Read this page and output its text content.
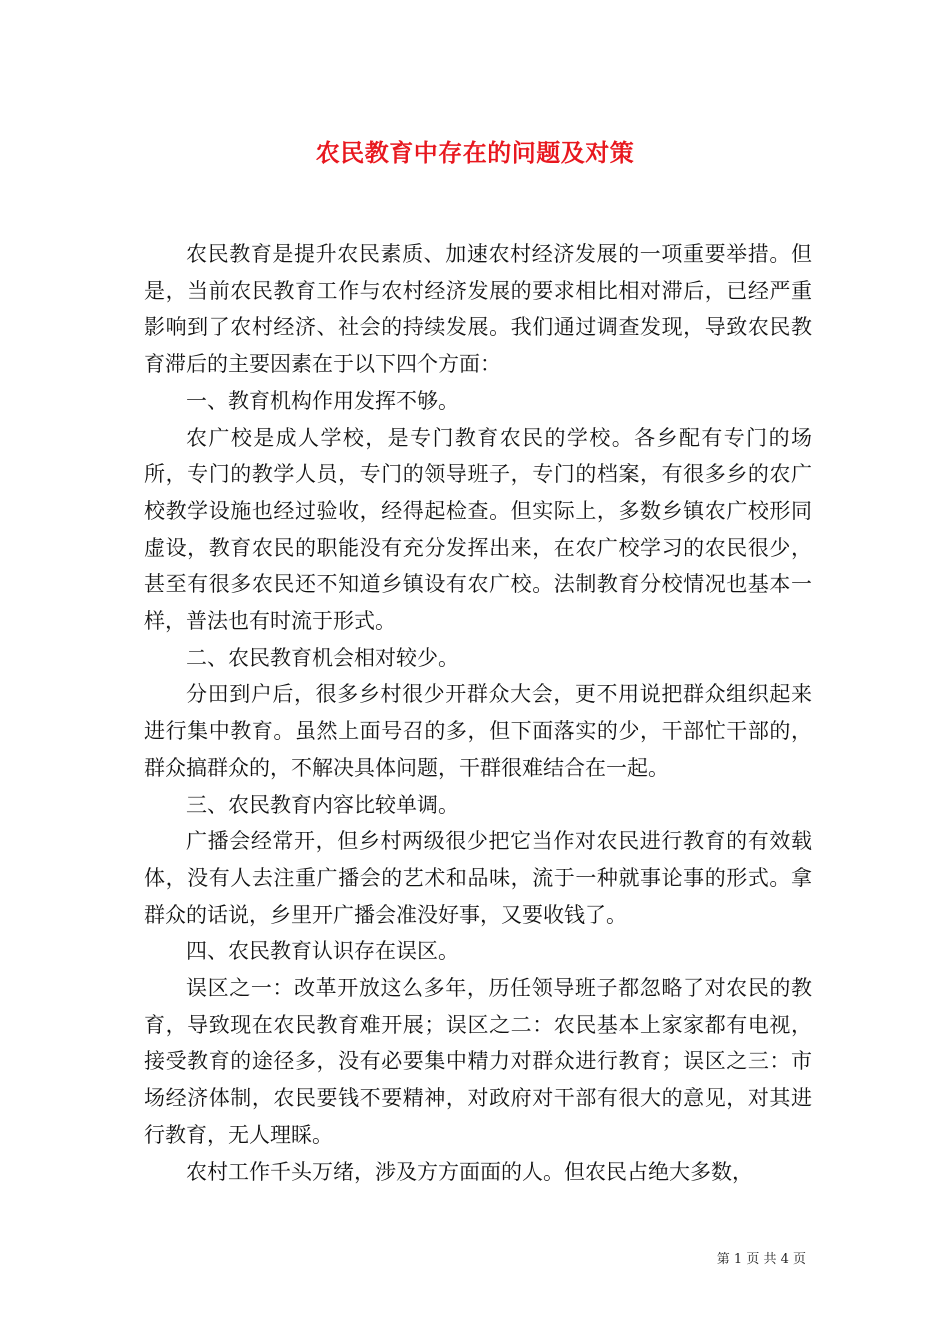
农民教育中存在的问题及对策

农民教育是提升农民素质、加速农村经济发展的一项重要举措。但是，当前农民教育工作与农村经济发展的要求相比相对滞后，已经严重影响到了农村经济、社会的持续发展。我们通过调查发现，导致农民教育滞后的主要因素在于以下四个方面：

一、教育机构作用发挥不够。

农广校是成人学校，是专门教育农民的学校。各乡配有专门的场所，专门的教学人员，专门的领导班子，专门的档案，有很多乡的农广校教学设施也经过验收，经得起检查。但实际上，多数乡镇农广校形同虚设，教育农民的职能没有充分发挥出来，在农广校学习的农民很少，甚至有很多农民还不知道乡镇设有农广校。法制教育分校情况也基本一样，普法也有时流于形式。

二、农民教育机会相对较少。

分田到户后，很多乡村很少开群众大会，更不用说把群众组织起来进行集中教育。虽然上面号召的多，但下面落实的少，干部忙干部的，群众搞群众的，不解决具体问题，干群很难结合在一起。

三、农民教育内容比较单调。

广播会经常开，但乡村两级很少把它当作对农民进行教育的有效载体，没有人去注重广播会的艺术和品味，流于一种就事论事的形式。拿群众的话说，乡里开广播会准没好事，又要收钱了。

四、农民教育认识存在误区。

误区之一：改革开放这么多年，历任领导班子都忽略了对农民的教育，导致现在农民教育难开展；误区之二：农民基本上家家都有电视，接受教育的途径多，没有必要集中精力对群众进行教育；误区之三：市场经济体制，农民要钱不要精神，对政府对干部有很大的意见，对其进行教育，无人理睬。

农村工作千头万绪，涉及方方面面的人。但农民占绝大多数，

第 1 页 共 4 页
